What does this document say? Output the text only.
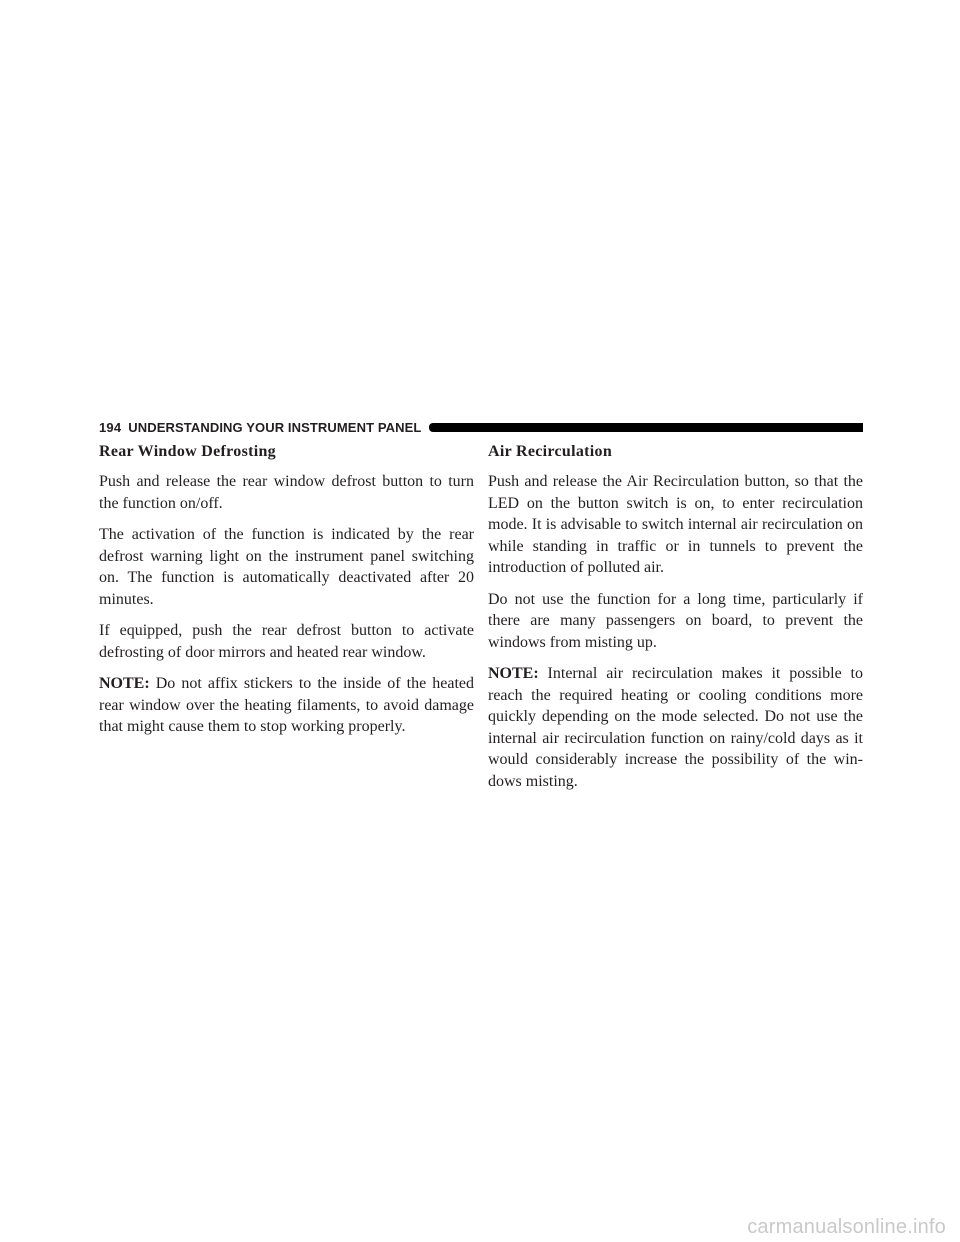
194 UNDERSTANDING YOUR INSTRUMENT PANEL
Rear Window Defrosting

Push and release the rear window defrost button to turn the function on/off.

The activation of the function is indicated by the rear defrost warning light on the instrument panel switching on. The function is automatically deactivated after 20 minutes.

If equipped, push the rear defrost button to activate defrosting of door mirrors and heated rear window.

NOTE: Do not affix stickers to the inside of the heated rear window over the heating filaments, to avoid damage that might cause them to stop working properly.

Air Recirculation

Push and release the Air Recirculation button, so that the LED on the button switch is on, to enter recirculation mode. It is advisable to switch internal air recirculation on while standing in traffic or in tunnels to prevent the introduction of polluted air.

Do not use the function for a long time, particularly if there are many passengers on board, to prevent the windows from misting up.

NOTE: Internal air recirculation makes it possible to reach the required heating or cooling conditions more quickly depending on the mode selected. Do not use the internal air recirculation function on rainy/cold days as it would considerably increase the possibility of the win-dows misting.

carmanualsonline.info
